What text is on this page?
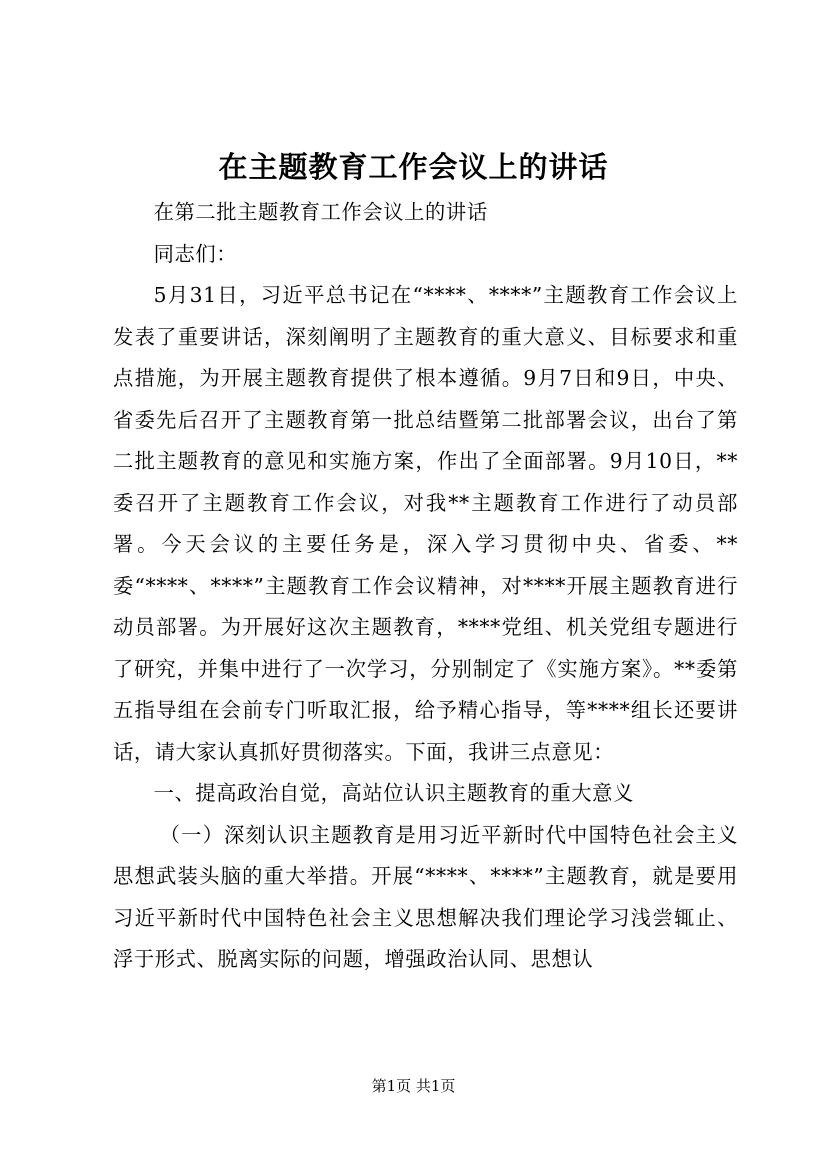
在主题教育工作会议上的讲话

在第二批主题教育工作会议上的讲话

同志们：

5月31日，习近平总书记在“****、****”主题教育工作会议上发表了重要讲话，深刻阐明了主题教育的重大意义、目标要求和重点措施，为开展主题教育提供了根本遵循。9月7日和9日，中央、省委先后召开了主题教育第一批总结暨第二批部署会议，出台了第二批主题教育的意见和实施方案，作出了全面部署。9月10日，**委召开了主题教育工作会议，对我**主题教育工作进行了动员部署。今天会议的主要任务是，深入学习贯彻中央、省委、**委“****、****”主题教育工作会议精神，对****开展主题教育进行动员部署。为开展好这次主题教育，****党组、机关党组专题进行了研究，并集中进行了一次学习，分别制定了《实施方案》。**委第五指导组在会前专门听取汇报，给予精心指导，等****组长还要讲话，请大家认真抓好贯彻落实。下面，我讲三点意见：

一、提高政治自觉，高站位认识主题教育的重大意义

（一）深刻认识主题教育是用习近平新时代中国特色社会主义思想武装头脑的重大举措。开展“****、****”主题教育，就是要用习近平新时代中国特色社会主义思想解决我们理论学习浅尝辄止、浮于形式、脱离实际的问题，增强政治认同、思想认

第1页 共1页
